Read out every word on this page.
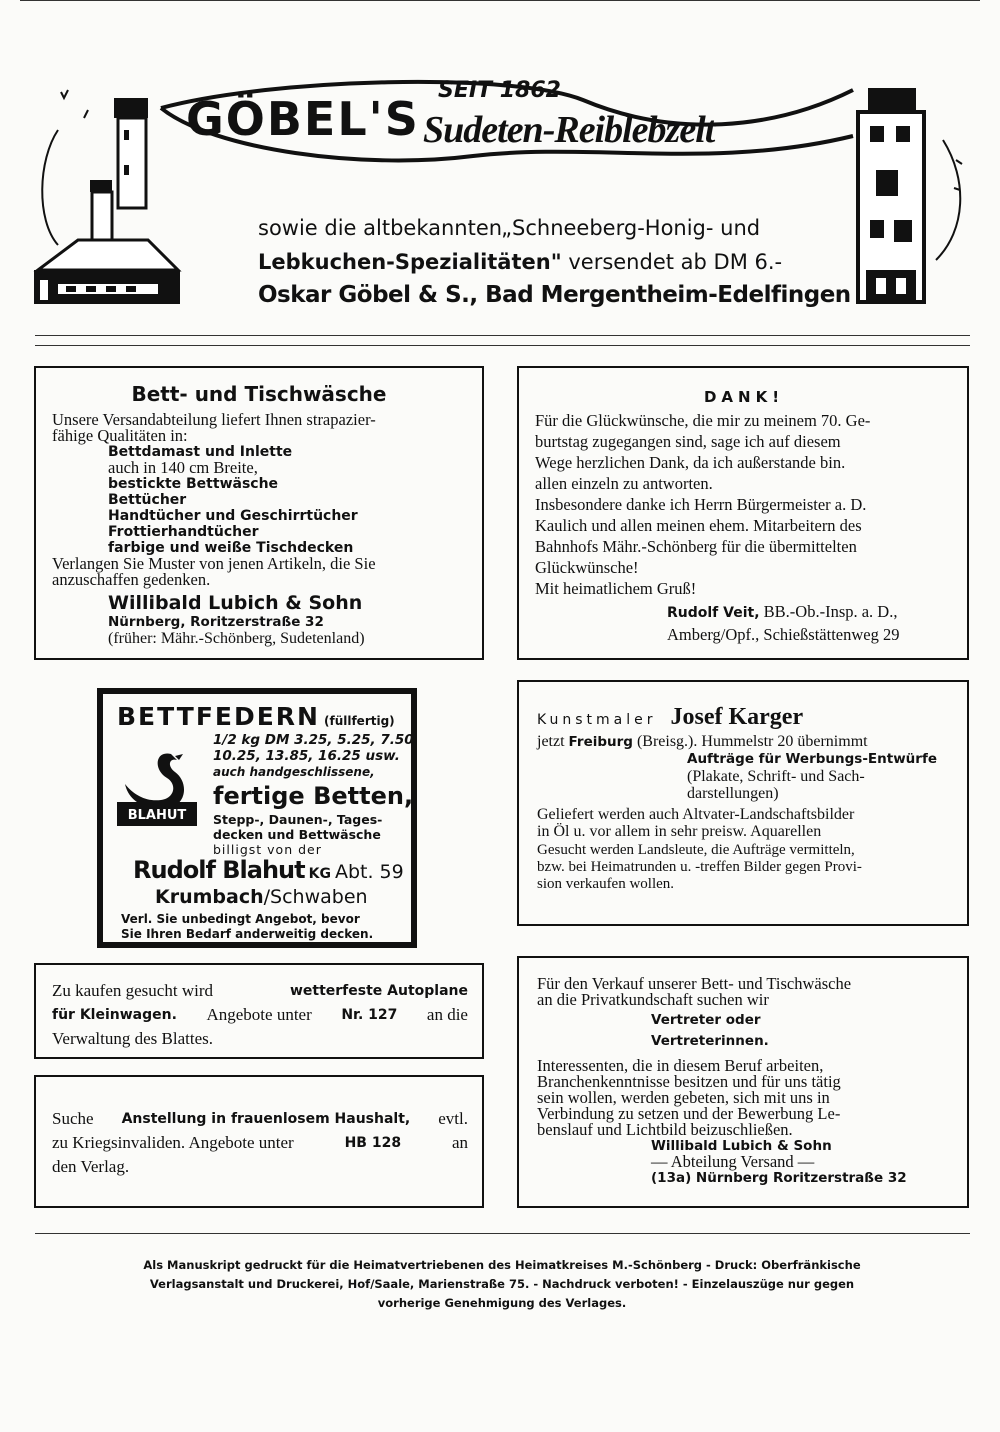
SEIT 1862
GÖBEL'S Sudeten-Reiblebzelt
sowie die altbekannten„Schneeberg-Honig- und
Lebkuchen-Spezialitäten" versendet ab DM 6.-
Oskar Göbel & S., Bad Mergentheim-Edelfingen
Bett- und Tischwäsche
Unsere Versandabteilung liefert Ihnen strapazier-
fähige Qualitäten in:
Bettdamast und Inlette
auch in 140 cm Breite,
bestickte Bettwäsche
Bettücher
Handtücher und Geschirrtücher
Frottierhandtücher
farbige und weiße Tischdecken
Verlangen Sie Muster von jenen Artikeln, die Sie
anzuschaffen gedenken.
Willibald Lubich & Sohn
Nürnberg, Roritzerstraße 32
(früher: Mähr.-Schönberg, Sudetenland)
DANK!
Für die Glückwünsche, die mir zu meinem 70. Ge-
burtstag zugegangen sind, sage ich auf diesem
Wege herzlichen Dank, da ich außerstande bin.
allen einzeln zu antworten.
Insbesondere danke ich Herrn Bürgermeister a. D.
Kaulich und allen meinen ehem. Mitarbeitern des
Bahnhofs Mähr.-Schönberg für die übermittelten
Glückwünsche!
Mit heimatlichem Gruß!
Rudolf Veit, BB.-Ob.-Insp. a. D.,
Amberg/Opf., Schießstättenweg 29
BETTFEDERN (füllfertig)
1/2 kg DM 3.25, 5.25, 7.50
10.25, 13.85, 16.25 usw.
auch handgeschlissene,
BLAHUT
fertige Betten,
Stepp-, Daunen-, Tages-
decken und Bettwäsche
billigst von der
Rudolf Blahut KG Abt. 59
Krumbach/Schwaben
Verl. Sie unbedingt Angebot, bevor
Sie Ihren Bedarf anderweitig decken.
Kunstmaler Josef Karger
jetzt Freiburg (Breisg.). Hummelstr 20 übernimmt
Aufträge für Werbungs-Entwürfe
(Plakate, Schrift- und Sach-
darstellungen)
Geliefert werden auch Altvater-Landschaftsbilder
in Öl u. vor allem in sehr preisw. Aquarellen
Gesucht werden Landsleute, die Aufträge vermitteln,
bzw. bei Heimatrunden u. -treffen Bilder gegen Provi-
sion verkaufen wollen.
Zu kaufen gesucht wird	wetterfeste Autoplane
für Kleinwagen. Angebote unter Nr. 127 an die
Verwaltung des Blattes.
Suche Anstellung in frauenlosem Haushalt, evtl.
zu Kriegsinvaliden. Angebote unter	HB 128	an
den Verlag.
Für den Verkauf unserer Bett- und Tischwäsche
an die Privatkundschaft suchen wir
Vertreter oder
Vertreterinnen.
Interessenten, die in diesem Beruf arbeiten,
Branchenkenntnisse besitzen und für uns tätig
sein wollen, werden gebeten, sich mit uns in
Verbindung zu setzen und der Bewerbung Le-
benslauf und Lichtbild beizuschließen.
Willibald Lubich & Sohn
— Abteilung Versand —
(13a) Nürnberg Roritzerstraße 32
Als Manuskript gedruckt für die Heimatvertriebenen des Heimatkreises M.-Schönberg - Druck: Oberfränkische
Verlagsanstalt und Druckerei, Hof/Saale, Marienstraße 75. - Nachdruck verboten! - Einzelauszüge nur gegen
vorherige Genehmigung des Verlages.
